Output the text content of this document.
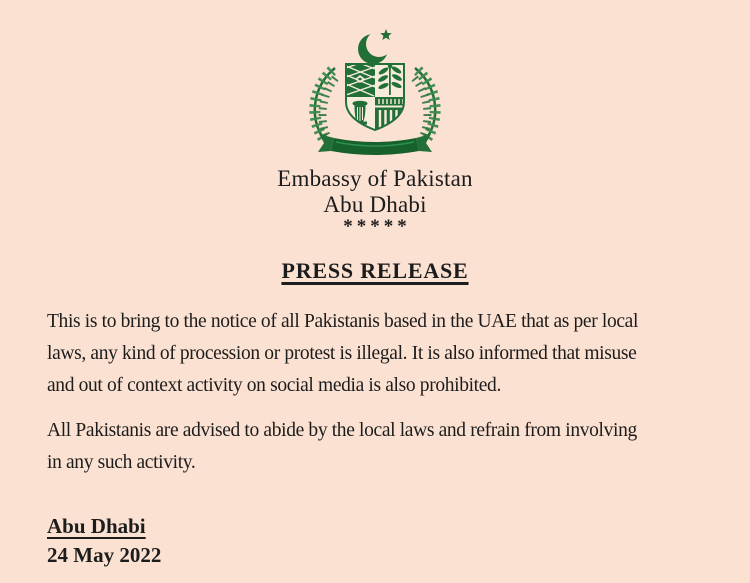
Embassy of Pakistan
Abu Dhabi
*****
PRESS RELEASE
This is to bring to the notice of all Pakistanis based in the UAE that as per local
laws, any kind of procession or protest is illegal. It is also informed that misuse
and out of context activity on social media is also prohibited.
All Pakistanis are advised to abide by the local laws and refrain from involving
in any such activity.
Abu Dhabi
24 May 2022
